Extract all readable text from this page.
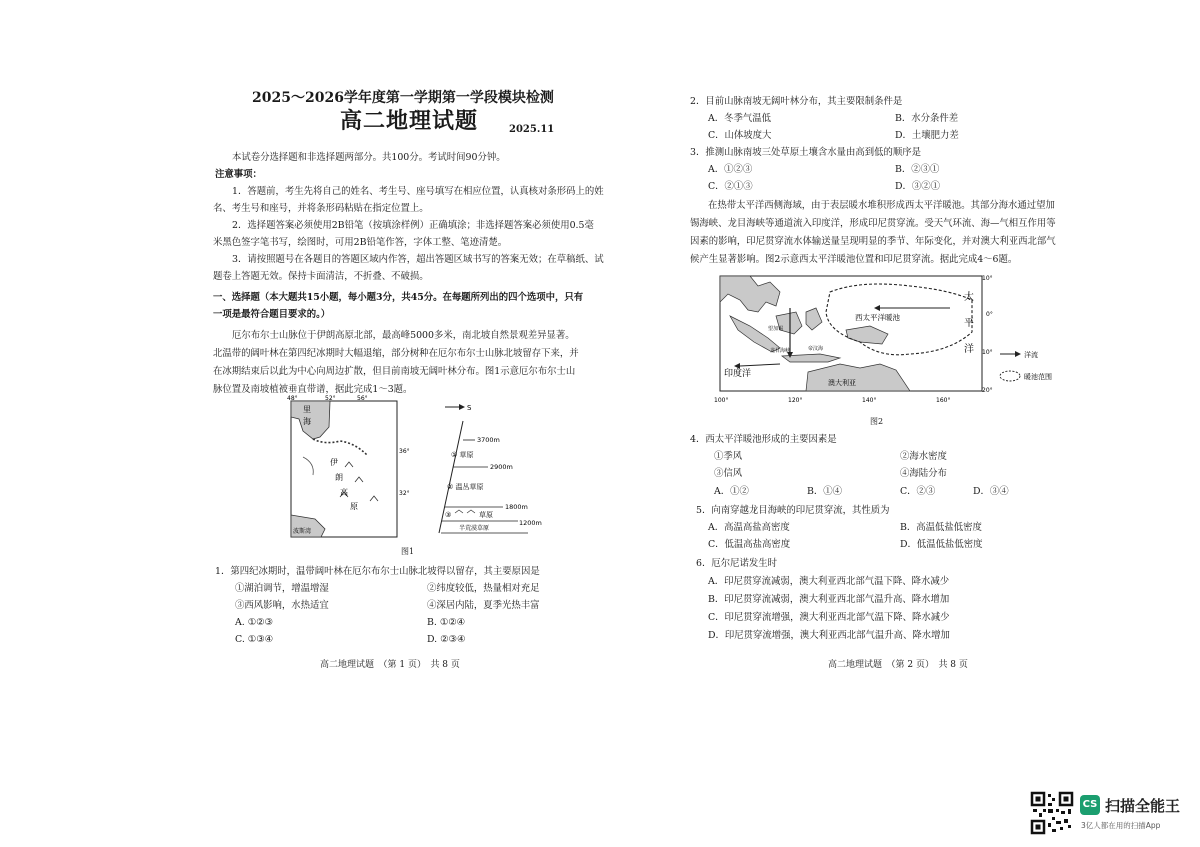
2025～2026学年度第一学期第一学段模块检测
高二地理试题	2025.11
本试卷分选择题和非选择题两部分。共100分。考试时间90分钟。
注意事项：
1．答题前，考生先将自己的姓名、考生号、座号填写在相应位置，认真核对条形码上的姓
名、考生号和座号，并将条形码粘贴在指定位置上。
2．选择题答案必须使用2B铅笔（按填涂样例）正确填涂；非选择题答案必须使用0.5毫
米黑色签字笔书写，绘图时，可用2B铅笔作答，字体工整、笔迹清楚。
3．请按照题号在各题目的答题区域内作答，超出答题区域书写的答案无效；在草稿纸、试
题卷上答题无效。保持卡面清洁，不折叠、不破损。
一、选择题（本大题共15小题，每小题3分，共45分。在每题所列出的四个选项中，只有
一项是最符合题目要求的。）
厄尔布尔士山脉位于伊朗高原北部，最高峰5000多米，南北坡自然景观差异显著。
北温带的阔叶林在第四纪冰期时大幅退缩，部分树种在厄尔布尔士山脉北坡留存下来，并
在冰期结束后以此为中心向周边扩散，但目前南坡无阔叶林分布。图1示意厄尔布尔士山
脉位置及南坡植被垂直带谱，据此完成1～3题。
48°	52°	56°
36°
32°
里
海
伊
朗
高
原
波斯湾
S
3700m
2900m
1800m
1200m
① 草原
② 温丛草原
③	草原
半荒漠草原
图1
1．第四纪冰期时，温带阔叶林在厄尔布尔士山脉北坡得以留存，其主要原因是
①湖泊调节，增温增湿	②纬度较低，热量相对充足
③西风影响，水热适宜	④深居内陆，夏季光热丰富
A. ①②③	B. ①②④
C. ①③④	D. ②③④
高二地理试题　（第 1 页）　共 8 页
2．目前山脉南坡无阔叶林分布，其主要限制条件是
A．冬季气温低	B．水分条件差
C．山体坡度大	D．土壤肥力差
3．推测山脉南坡三处草原土壤含水量由高到低的顺序是
A．①②③	B．②③①
C．②①③	D．③②①
在热带太平洋西侧海域，由于表层暖水堆积形成西太平洋暖池。其部分海水通过望加
锡海峡、龙目海峡等通道流入印度洋，形成印尼贯穿流。受天气环流、海—气相互作用等
因素的影响，印尼贯穿流水体输送量呈现明显的季节、年际变化，并对澳大利亚西北部气
候产生显著影响。图2示意西太平洋暖池位置和印尼贯穿流。据此完成4～6题。
10°
0°
10°
20°
100°	120°	140°	160°
西太平洋暖池
太
平
洋
印度洋
澳大利亚
望加锡
龙目海峡	帝汶海
洋流
暖池范围
图2
4．西太平洋暖池形成的主要因素是
①季风	②海水密度
③信风	④海陆分布
A．①②	B．①④	C．②③	D．③④
5．向南穿越龙目海峡的印尼贯穿流，其性质为
A．高温高盐高密度	B．高温低盐低密度
C．低温高盐高密度	D．低温低盐低密度
6．厄尔尼诺发生时
A．印尼贯穿流减弱，澳大利亚西北部气温下降、降水减少
B．印尼贯穿流减弱，澳大利亚西北部气温升高、降水增加
C．印尼贯穿流增强，澳大利亚西北部气温下降、降水减少
D．印尼贯穿流增强，澳大利亚西北部气温升高、降水增加
高二地理试题　（第 2 页）　共 8 页
CS 扫描全能王
3亿人都在用的扫描App
